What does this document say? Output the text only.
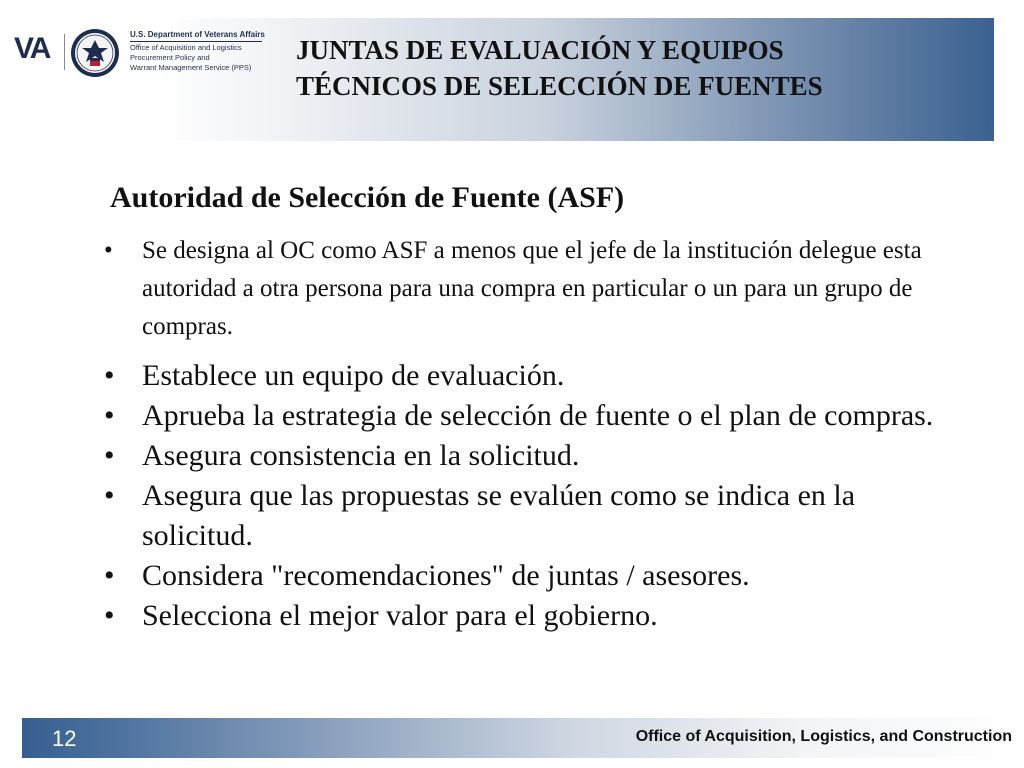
VA	U.S. Department of Veterans Affairs
Office of Acquisition and Logistics
Procurement Policy and
Warrant Management Service (PPS)
JUNTAS DE EVALUACIÓN Y EQUIPOS TÉCNICOS DE SELECCIÓN DE FUENTES
Autoridad de Selección de Fuente (ASF)
• Se designa al OC como ASF a menos que el jefe de la institución delegue esta autoridad a otra persona para una compra en particular o un para un grupo de compras.
• Establece un equipo de evaluación.
• Aprueba la estrategia de selección de fuente o el plan de compras.
• Asegura consistencia en la solicitud.
• Asegura que las propuestas se evalúen como se indica en la solicitud.
• Considera "recomendaciones" de juntas / asesores.
• Selecciona el mejor valor para el gobierno.
12	Office of Acquisition, Logistics, and Construction
